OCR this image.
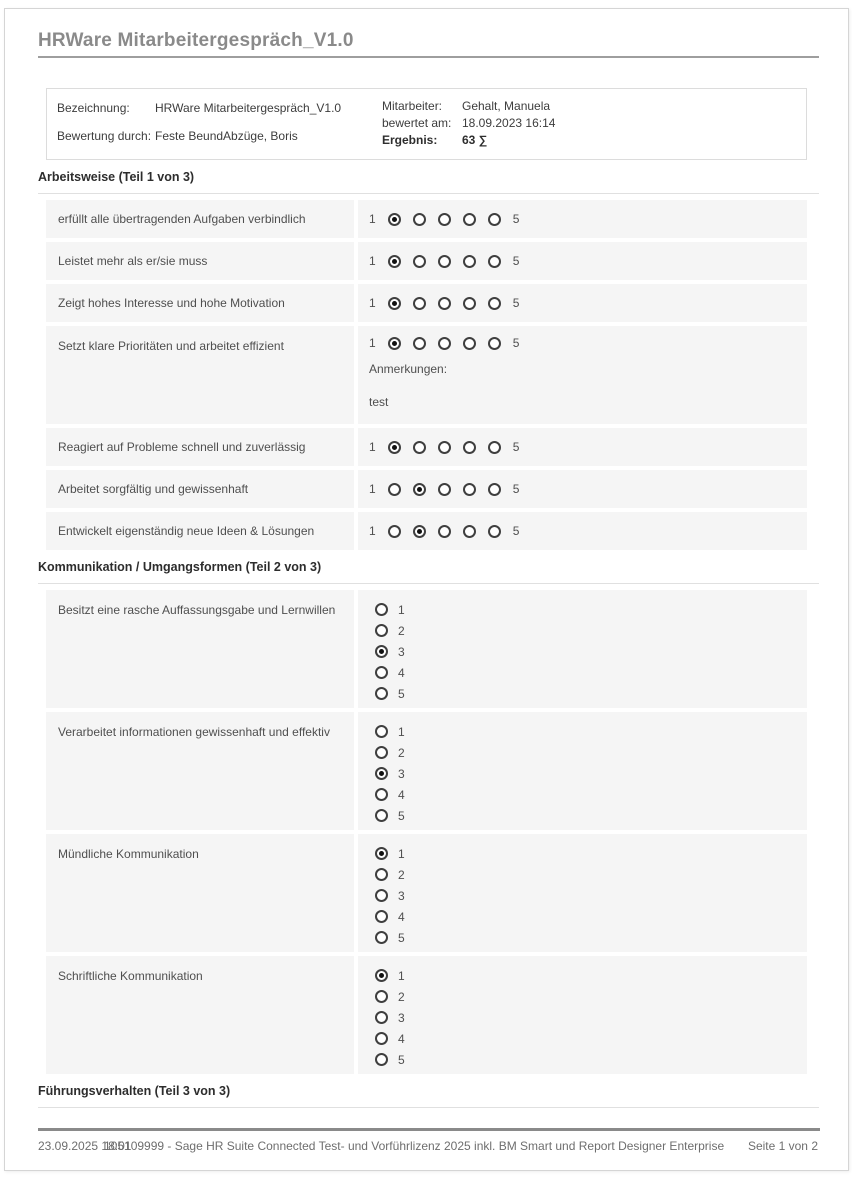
HRWare Mitarbeitergespräch_V1.0
Bezeichnung: HRWare Mitarbeitergespräch_V1.0
Bewertung durch: Feste BeundAbzüge, Boris
Mitarbeiter: Gehalt, Manuela
bewertet am: 18.09.2023 16:14
Ergebnis: 63 ∑
Arbeitsweise (Teil 1 von 3)
erfüllt alle übertragenden Aufgaben verbindlich	1	5
Leistet mehr als er/sie muss	1	5
Zeigt hohes Interesse und hohe Motivation	1	5
Setzt klare Prioritäten und arbeitet effizient	1	5
Anmerkungen:
test
Reagiert auf Probleme schnell und zuverlässig	1	5
Arbeitet sorgfältig und gewissenhaft	1	5
Entwickelt eigenständig neue Ideen & Lösungen	1	5
Kommunikation / Umgangsformen (Teil 2 von 3)
Besitzt eine rasche Auffassungsgabe und Lernwillen	1
2
3
4
5
Verarbeitet informationen gewissenhaft und effektiv	1
2
3
4
5
Mündliche Kommunikation	1
2
3
4
5
Schriftliche Kommunikation	1
2
3
4
5
Führungsverhalten (Teil 3 von 3)
23.09.2025 18:01
105109999 - Sage HR Suite Connected Test- und Vorführlizenz 2025 inkl. BM Smart und Report Designer Enterprise Seite 1 von 2
